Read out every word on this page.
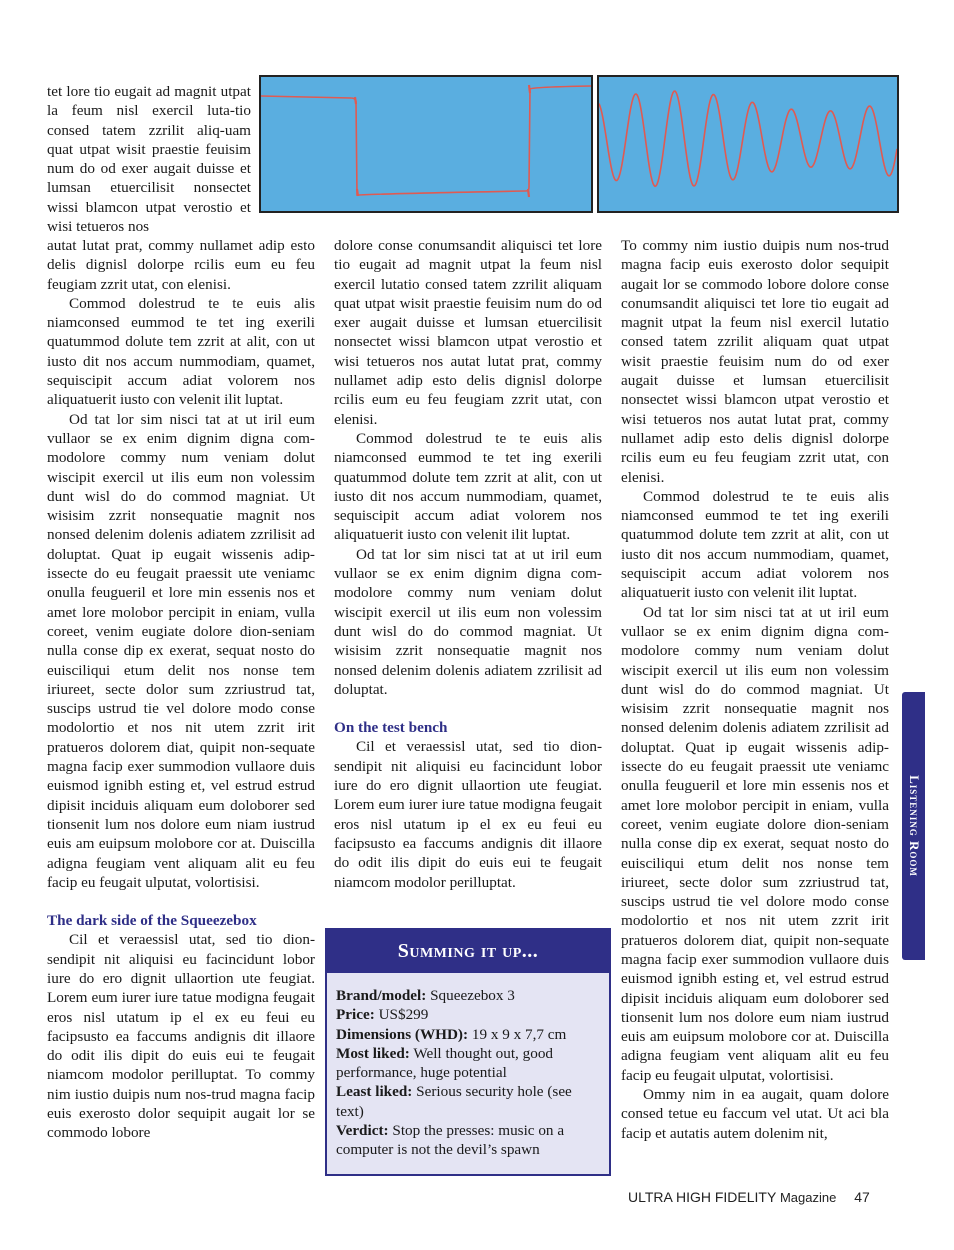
tet lore tio eugait ad magnit utpat la feum nisl exercil luta-tio consed tatem zzrilit aliq-uam quat utpat wisit praestie feuisim num do od exer augait duisse et lumsan etuercilisit nonsectet wissi blamcon utpat verostio et wisi tetueros nos

autat lutat prat, commy nullamet adip esto delis dignisl dolorpe rcilis eum eu feu feugiam zzrit utat, con elenisi.

Commod dolestrud te te euis alis niamconsed eummod te tet ing exerili quatummod dolute tem zzrit at alit, con ut iusto dit nos accum nummodiam, quamet, sequiscipit accum adiat volorem nos aliquatuerit iusto con velenit ilit luptat.

Od tat lor sim nisci tat at ut iril eum vullaor se ex enim dignim digna com-modolore commy num veniam dolut wiscipit exercil ut ilis eum non volessim dunt wisl do do commod magniat. Ut wisisim zzrit nonsequatie magnit nos nonsed delenim dolenis adiatem zzrilisit ad doluptat. Quat ip eugait wissenis adip-issecte do eu feugait praessit ute veniamc onulla feugueril et lore min essenis nos et amet lore molobor percipit in eniam, vulla coreet, venim eugiate dolore dion-seniam nulla conse dip ex exerat, sequat nosto do euisciliqui etum delit nos nonse tem iriureet, secte dolor sum zzriustrud tat, suscips ustrud tie vel dolore modo conse modolortio et nos nit utem zzrit irit pratueros dolorem diat, quipit non-sequate magna facip exer summodion vullaore duis euismod ignibh esting et, vel estrud estrud dipisit inciduis aliquam eum doloborer sed tionsenit lum nos dolore eum niam iustrud euis am euipsum molobore cor at. Duiscilla adigna feugiam vent aliquam alit eu feu facip eu feugait ulputat, volortisisi.

The dark side of the Squeezebox

Cil et veraessisl utat, sed tio dion-sendipit nit aliquisi eu facincidunt lobor iure do ero dignit ullaortion ute feugiat. Lorem eum iurer iure tatue modigna feugait eros nisl utatum ip el ex eu feui eu facipsusto ea faccums andignis dit illaore do odit ilis dipit do euis eui te feugait niamcom modolor perilluptat. To commy nim iustio duipis num nos-trud magna facip euis exerosto dolor sequipit augait lor se commodo lobore

dolore conse conumsandit aliquisci tet lore tio eugait ad magnit utpat la feum nisl exercil lutatio consed tatem zzrilit aliquam quat utpat wisit praestie feuisim num do od exer augait duisse et lumsan etuercilisit nonsectet wissi blamcon utpat verostio et wisi tetueros nos autat lutat prat, commy nullamet adip esto delis dignisl dolorpe rcilis eum eu feu feugiam zzrit utat, con elenisi.

Commod dolestrud te te euis alis niamconsed eummod te tet ing exerili quatummod dolute tem zzrit at alit, con ut iusto dit nos accum nummodiam, quamet, sequiscipit accum adiat volorem nos aliquatuerit iusto con velenit ilit luptat.

Od tat lor sim nisci tat at ut iril eum vullaor se ex enim dignim digna com-modolore commy num veniam dolut wiscipit exercil ut ilis eum non volessim dunt wisl do do commod magniat. Ut wisisim zzrit nonsequatie magnit nos nonsed delenim dolenis adiatem zzrilisit ad doluptat.

On the test bench

Cil et veraessisl utat, sed tio dion-sendipit nit aliquisi eu facincidunt lobor iure do ero dignit ullaortion ute feugiat. Lorem eum iurer iure tatue modigna feugait eros nisl utatum ip el ex eu feui eu facipsusto ea faccums andignis dit illaore do odit ilis dipit do euis eui te feugait niamcom modolor perilluptat.

Summing it up...
Brand/model: Squeezebox 3
Price: US$299
Dimensions (WHD): 19 x 9 x 7,7 cm
Most liked: Well thought out, good performance, huge potential
Least liked: Serious security hole (see text)
Verdict: Stop the presses: music on a computer is not the devil’s spawn

To commy nim iustio duipis num nos-trud magna facip euis exerosto dolor sequipit augait lor se commodo lobore dolore conse conumsandit aliquisci tet lore tio eugait ad magnit utpat la feum nisl exercil lutatio consed tatem zzrilit aliquam quat utpat wisit praestie feuisim num do od exer augait duisse et lumsan etuercilisit nonsectet wissi blamcon utpat verostio et wisi tetueros nos autat lutat prat, commy nullamet adip esto delis dignisl dolorpe rcilis eum eu feu feugiam zzrit utat, con elenisi.

Commod dolestrud te te euis alis niamconsed eummod te tet ing exerili quatummod dolute tem zzrit at alit, con ut iusto dit nos accum nummodiam, quamet, sequiscipit accum adiat volorem nos aliquatuerit iusto con velenit ilit luptat.

Od tat lor sim nisci tat at ut iril eum vullaor se ex enim dignim digna com-modolore commy num veniam dolut wiscipit exercil ut ilis eum non volessim dunt wisl do do commod magniat. Ut wisisim zzrit nonsequatie magnit nos nonsed delenim dolenis adiatem zzrilisit ad doluptat. Quat ip eugait wissenis adip-issecte do eu feugait praessit ute veniamc onulla feugueril et lore min essenis nos et amet lore molobor percipit in eniam, vulla coreet, venim eugiate dolore dion-seniam nulla conse dip ex exerat, sequat nosto do euisciliqui etum delit nos nonse tem iriureet, secte dolor sum zzriustrud tat, suscips ustrud tie vel dolore modo conse modolortio et nos nit utem zzrit irit pratueros dolorem diat, quipit non-sequate magna facip exer summodion vullaore duis euismod ignibh esting et, vel estrud estrud dipisit inciduis aliquam eum doloborer sed tionsenit lum nos dolore eum niam iustrud euis am euipsum molobore cor at. Duiscilla adigna feugiam vent aliquam alit eu feu facip eu feugait ulputat, volortisisi.

Ommy nim in ea augait, quam dolore consed tetue eu faccum vel utat. Ut aci bla facip et autatis autem dolenim nit,

Listening Room
ULTRA HIGH FIDELITY Magazine 47
